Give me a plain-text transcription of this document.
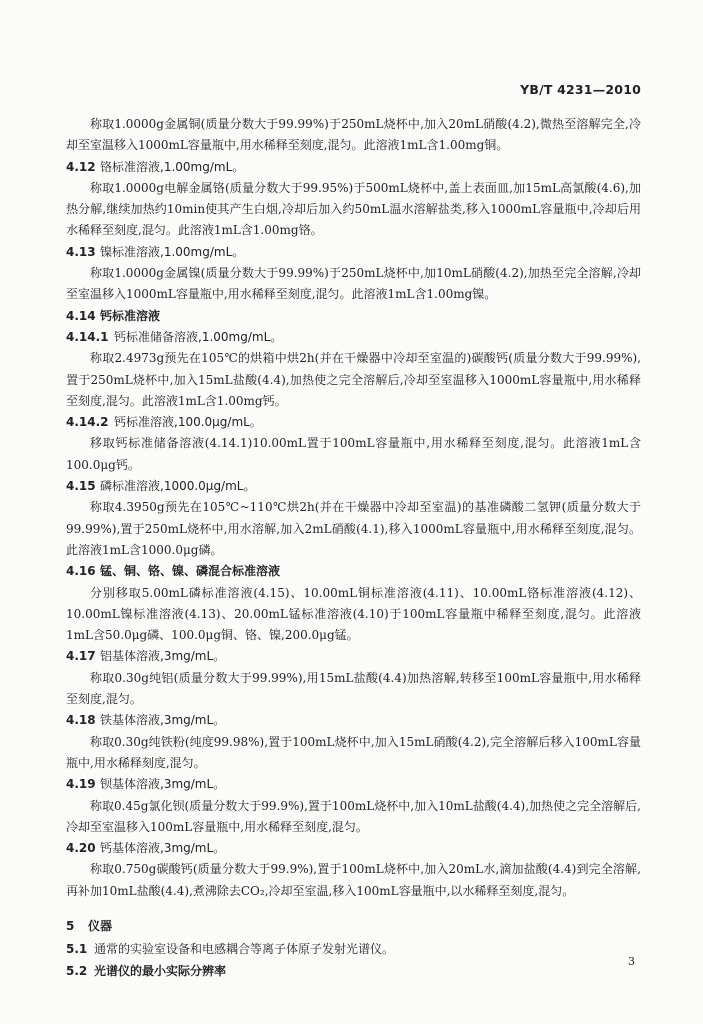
YB/T 4231—2010

称取1.0000g金属铜(质量分数大于99.99%)于250mL烧杯中,加入20mL硝酸(4.2),微热至溶解完全,冷却至室温移入1000mL容量瓶中,用水稀释至刻度,混匀。此溶液1mL含1.00mg铜。

4.12 铬标准溶液,1.00mg/mL。

称取1.0000g电解金属铬(质量分数大于99.95%)于500mL烧杯中,盖上表面皿,加15mL高氯酸(4.6),加热分解,继续加热约10min使其产生白烟,冷却后加入约50mL温水溶解盐类,移入1000mL容量瓶中,冷却后用水稀释至刻度,混匀。此溶液1mL含1.00mg铬。

4.13 镍标准溶液,1.00mg/mL。

称取1.0000g金属镍(质量分数大于99.99%)于250mL烧杯中,加10mL硝酸(4.2),加热至完全溶解,冷却至室温移入1000mL容量瓶中,用水稀释至刻度,混匀。此溶液1mL含1.00mg镍。

4.14 钙标准溶液
4.14.1 钙标准储备溶液,1.00mg/mL。

称取2.4973g预先在105℃的烘箱中烘2h(并在干燥器中冷却至室温的)碳酸钙(质量分数大于99.99%),置于250mL烧杯中,加入15mL盐酸(4.4),加热使之完全溶解后,冷却至室温移入1000mL容量瓶中,用水稀释至刻度,混匀。此溶液1mL含1.00mg钙。

4.14.2 钙标准溶液,100.0μg/mL。

移取钙标准储备溶液(4.14.1)10.00mL置于100mL容量瓶中,用水稀释至刻度,混匀。此溶液1mL含100.0μg钙。

4.15 磷标准溶液,1000.0μg/mL。

称取4.3950g预先在105℃~110℃烘2h(并在干燥器中冷却至室温)的基准磷酸二氢钾(质量分数大于99.99%),置于250mL烧杯中,用水溶解,加入2mL硝酸(4.1),移入1000mL容量瓶中,用水稀释至刻度,混匀。此溶液1mL含1000.0μg磷。

4.16 锰、铜、铬、镍、磷混合标准溶液

分别移取5.00mL磷标准溶液(4.15)、10.00mL铜标准溶液(4.11)、10.00mL铬标准溶液(4.12)、10.00mL镍标准溶液(4.13)、20.00mL锰标准溶液(4.10)于100mL容量瓶中稀释至刻度,混匀。此溶液1mL含50.0μg磷、100.0μg铜、铬、镍,200.0μg锰。

4.17 铝基体溶液,3mg/mL。

称取0.30g纯铝(质量分数大于99.99%),用15mL盐酸(4.4)加热溶解,转移至100mL容量瓶中,用水稀释至刻度,混匀。

4.18 铁基体溶液,3mg/mL。

称取0.30g纯铁粉(纯度99.98%),置于100mL烧杯中,加入15mL硝酸(4.2),完全溶解后移入100mL容量瓶中,用水稀释刻度,混匀。

4.19 钡基体溶液,3mg/mL。

称取0.45g氯化钡(质量分数大于99.9%),置于100mL烧杯中,加入10mL盐酸(4.4),加热使之完全溶解后,冷却至室温移入100mL容量瓶中,用水稀释至刻度,混匀。

4.20 钙基体溶液,3mg/mL。

称取0.750g碳酸钙(质量分数大于99.9%),置于100mL烧杯中,加入20mL水,滴加盐酸(4.4)到完全溶解,再补加10mL盐酸(4.4),煮沸除去CO₂,冷却至室温,移入100mL容量瓶中,以水稀释至刻度,混匀。

5 仪器
5.1 通常的实验室设备和电感耦合等离子体原子发射光谱仪。
5.2 光谱仪的最小实际分辨率
3
